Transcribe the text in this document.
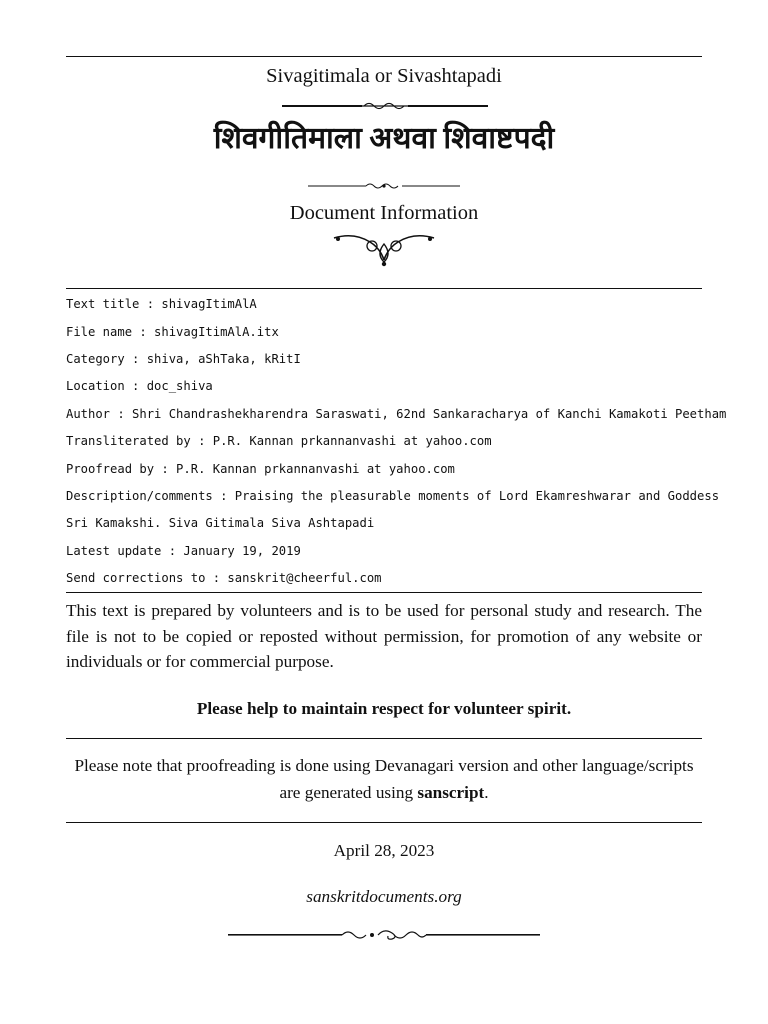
Sivagitimala or Sivashtapadi
शिवगीतिमाला अथवा शिवाष्टपदी
Document Information
Text title : shivagItimAlA
File name : shivagItimAlA.itx
Category : shiva, aShTaka, kRitI
Location : doc_shiva
Author : Shri Chandrashekharendra Saraswati, 62nd Sankaracharya of Kanchi Kamakoti Peetham
Transliterated by : P.R. Kannan prkannanvashi at yahoo.com
Proofread by : P.R. Kannan prkannanvashi at yahoo.com
Description/comments : Praising the pleasurable moments of Lord Ekamreshwarar and Goddess
Sri Kamakshi. Siva Gitimala Siva Ashtapadi
Latest update : January 19, 2019
Send corrections to : sanskrit@cheerful.com
This text is prepared by volunteers and is to be used for personal study and research. The file is not to be copied or reposted without permission, for promotion of any website or individuals or for commercial purpose.
Please help to maintain respect for volunteer spirit.
Please note that proofreading is done using Devanagari version and other language/scripts are generated using sanscript.
April 28, 2023
sanskritdocuments.org
